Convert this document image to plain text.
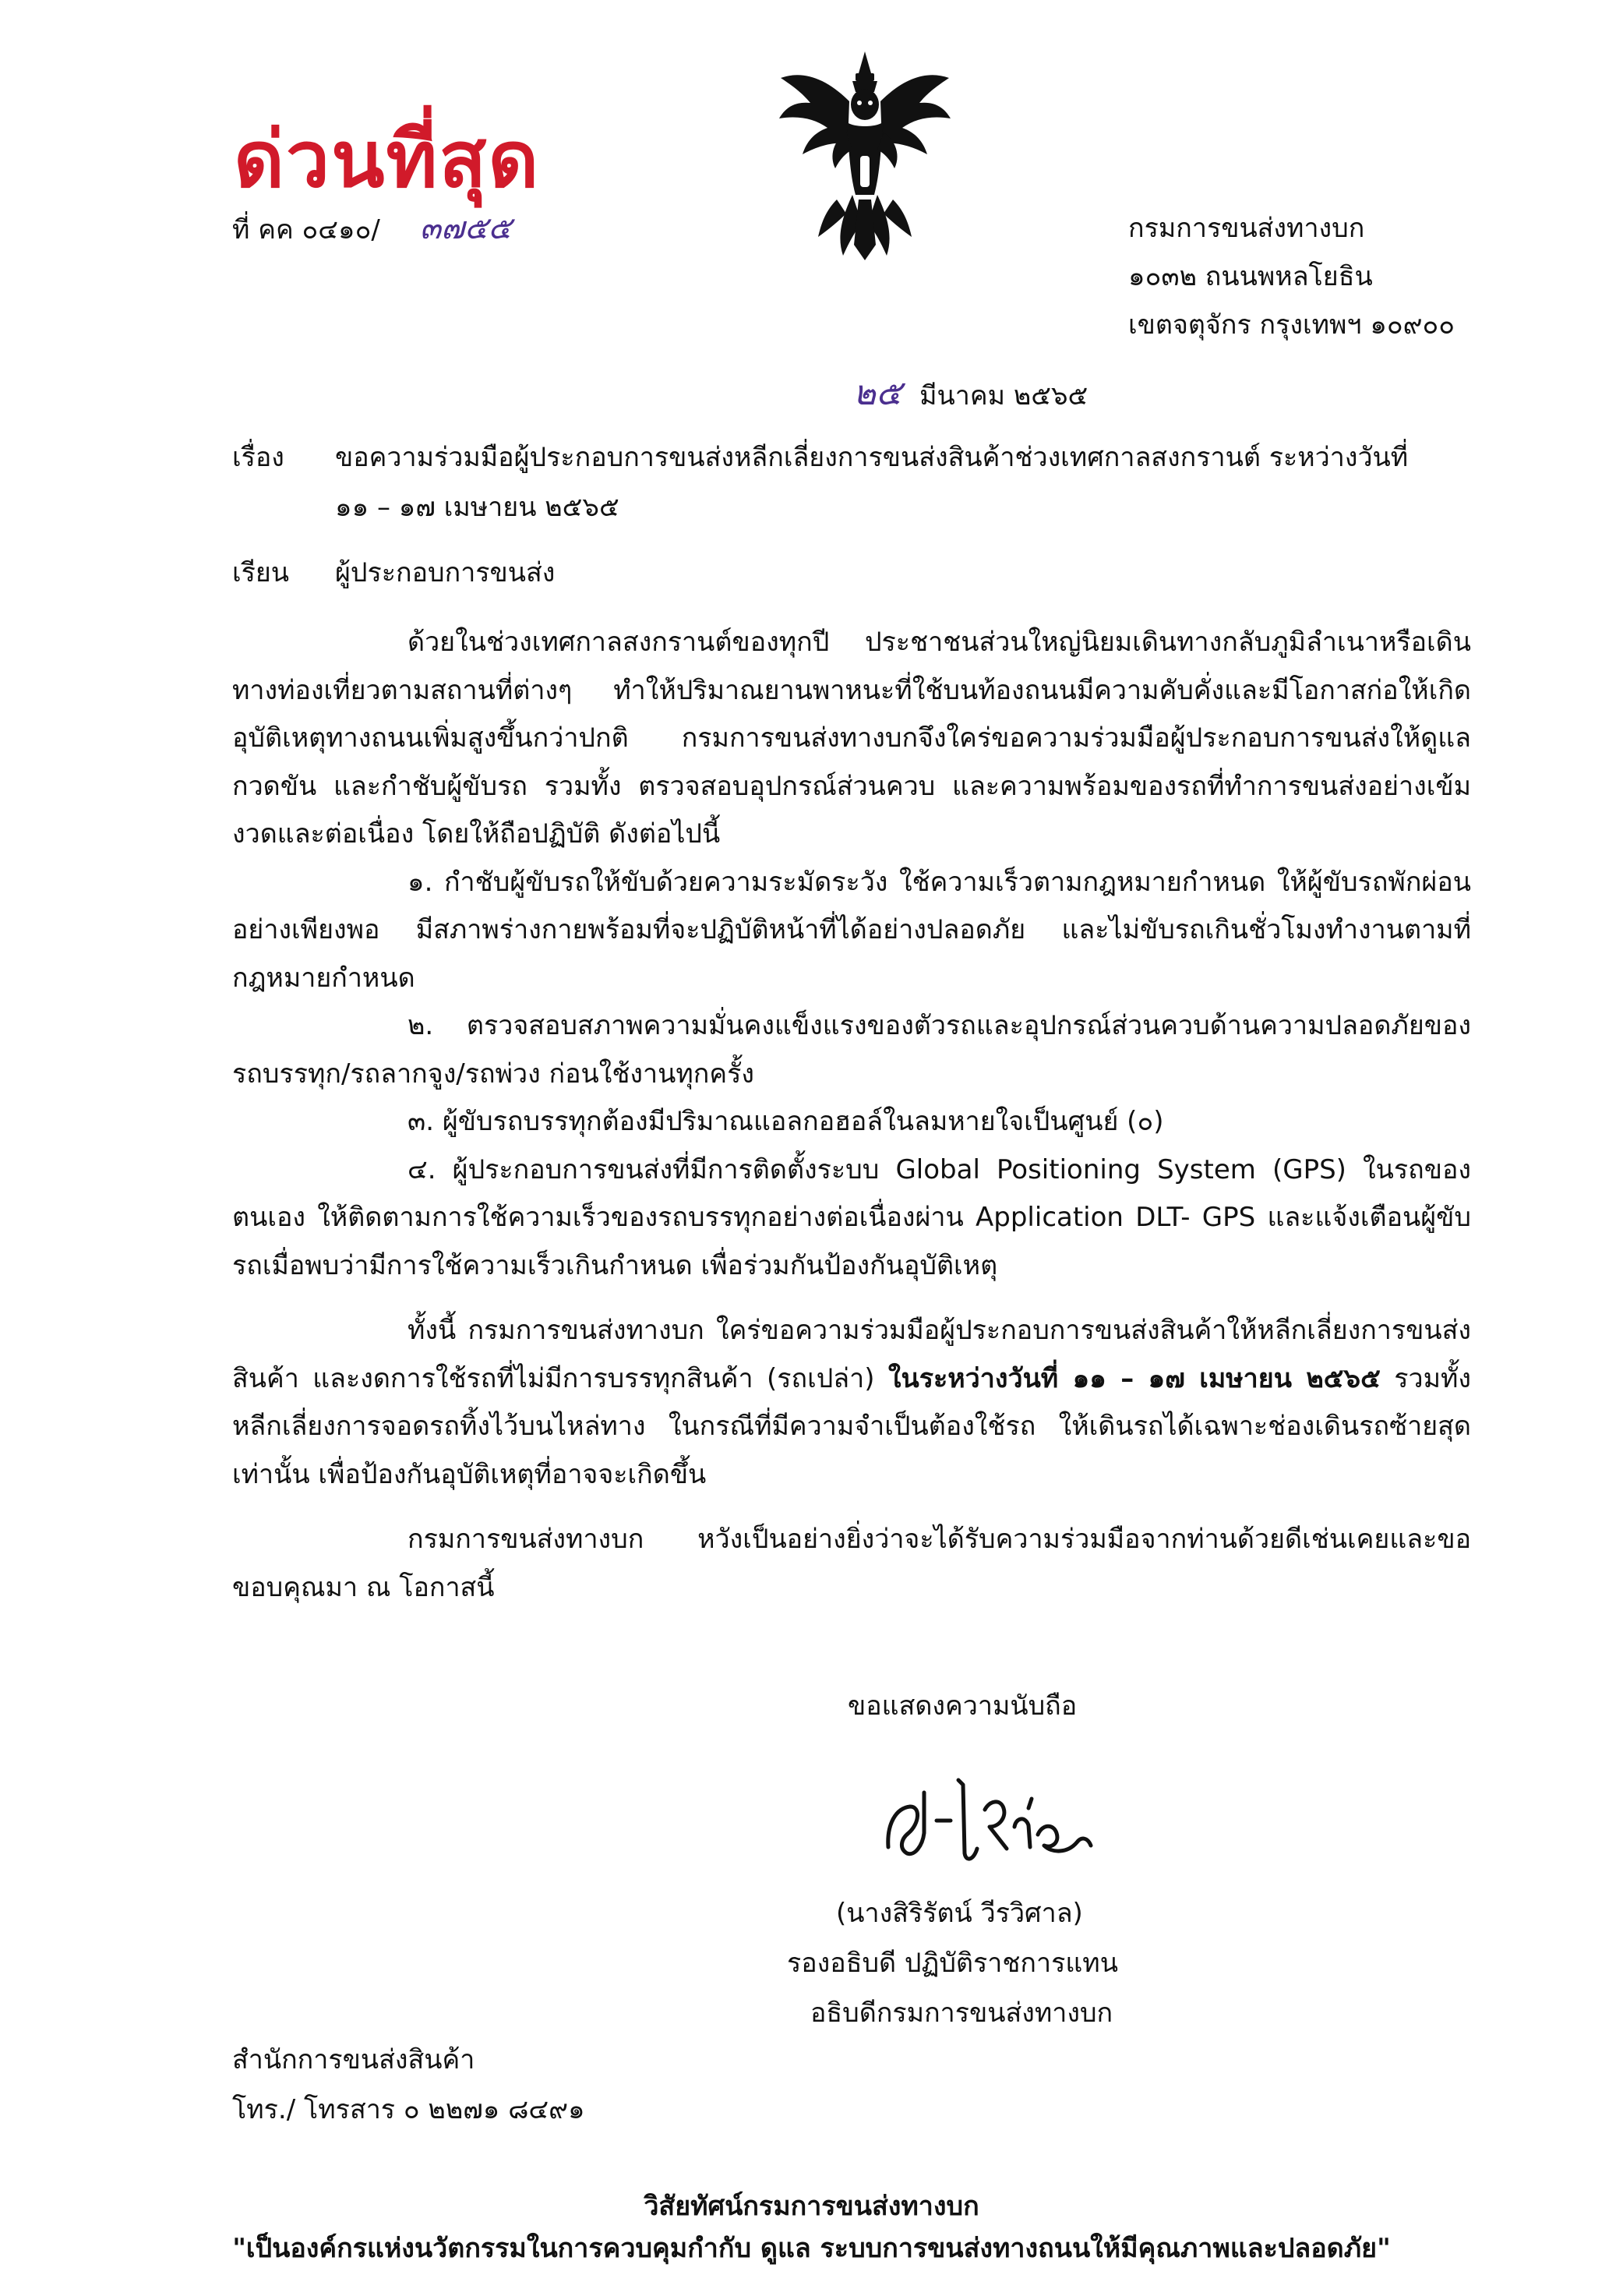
ด่วนที่สุด
ที่ คค ๐๔๑๐/ ๓๗๕๕	กรมการขนส่งทางบก
๑๐๓๒ ถนนพหลโยธิน
เขตจตุจักร กรุงเทพฯ ๑๐๙๐๐
๒๕ มีนาคม ๒๕๖๕
เรื่อง ขอความร่วมมือผู้ประกอบการขนส่งหลีกเลี่ยงการขนส่งสินค้าช่วงเทศกาลสงกรานต์ ระหว่างวันที่
๑๑ – ๑๗ เมษายน ๒๕๖๕
เรียน ผู้ประกอบการขนส่ง

ด้วยในช่วงเทศกาลสงกรานต์ของทุกปี ประชาชนส่วนใหญ่นิยมเดินทางกลับภูมิลำเนาหรือเดินทางท่องเที่ยวตามสถานที่ต่างๆ ทำให้ปริมาณยานพาหนะที่ใช้บนท้องถนนมีความคับคั่งและมีโอกาสก่อให้เกิดอุบัติเหตุทางถนนเพิ่มสูงขึ้นกว่าปกติ กรมการขนส่งทางบกจึงใคร่ขอความร่วมมือผู้ประกอบการขนส่งให้ดูแลกวดขัน และกำชับผู้ขับรถ รวมทั้ง ตรวจสอบอุปกรณ์ส่วนควบ และความพร้อมของรถที่ทำการขนส่งอย่างเข้มงวดและต่อเนื่อง โดยให้ถือปฏิบัติ ดังต่อไปนี้

๑. กำชับผู้ขับรถให้ขับด้วยความระมัดระวัง ใช้ความเร็วตามกฎหมายกำหนด ให้ผู้ขับรถพักผ่อนอย่างเพียงพอ มีสภาพร่างกายพร้อมที่จะปฏิบัติหน้าที่ได้อย่างปลอดภัย และไม่ขับรถเกินชั่วโมงทำงานตามที่กฎหมายกำหนด

๒. ตรวจสอบสภาพความมั่นคงแข็งแรงของตัวรถและอุปกรณ์ส่วนควบด้านความปลอดภัยของรถบรรทุก/รถลากจูง/รถพ่วง ก่อนใช้งานทุกครั้ง

๓. ผู้ขับรถบรรทุกต้องมีปริมาณแอลกอฮอล์ในลมหายใจเป็นศูนย์ (๐)

๔. ผู้ประกอบการขนส่งที่มีการติดตั้งระบบ Global Positioning System (GPS) ในรถของตนเอง ให้ติดตามการใช้ความเร็วของรถบรรทุกอย่างต่อเนื่องผ่าน Application DLT- GPS และแจ้งเตือนผู้ขับรถเมื่อพบว่ามีการใช้ความเร็วเกินกำหนด เพื่อร่วมกันป้องกันอุบัติเหตุ

ทั้งนี้ กรมการขนส่งทางบก ใคร่ขอความร่วมมือผู้ประกอบการขนส่งสินค้าให้หลีกเลี่ยงการขนส่งสินค้า และงดการใช้รถที่ไม่มีการบรรทุกสินค้า (รถเปล่า) ในระหว่างวันที่ ๑๑ – ๑๗ เมษายน ๒๕๖๕ รวมทั้งหลีกเลี่ยงการจอดรถทิ้งไว้บนไหล่ทาง ในกรณีที่มีความจำเป็นต้องใช้รถ ให้เดินรถได้เฉพาะช่องเดินรถซ้ายสุดเท่านั้น เพื่อป้องกันอุบัติเหตุที่อาจจะเกิดขึ้น

กรมการขนส่งทางบก หวังเป็นอย่างยิ่งว่าจะได้รับความร่วมมือจากท่านด้วยดีเช่นเคยและขอขอบคุณมา ณ โอกาสนี้

ขอแสดงความนับถือ
(นางสิริรัตน์ วีรวิศาล)
รองอธิบดี ปฏิบัติราชการแทน
อธิบดีกรมการขนส่งทางบก
สำนักการขนส่งสินค้า
โทร./ โทรสาร ๐ ๒๒๗๑ ๘๔๙๑
วิสัยทัศน์กรมการขนส่งทางบก
"เป็นองค์กรแห่งนวัตกรรมในการควบคุมกำกับ ดูแล ระบบการขนส่งทางถนนให้มีคุณภาพและปลอดภัย"
